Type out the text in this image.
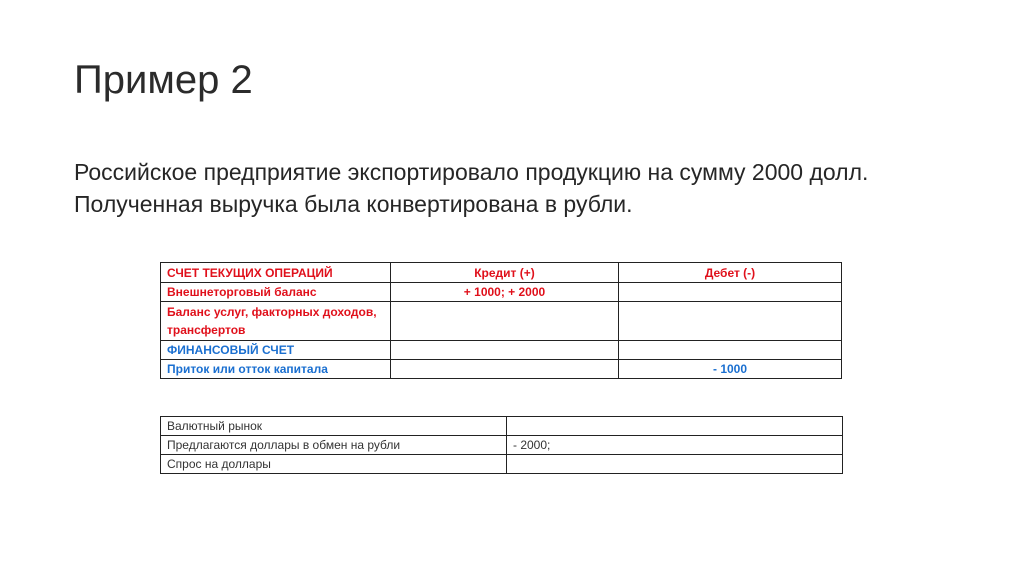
Пример 2
Российское предприятие экспортировало продукцию на сумму 2000 долл. Полученная выручка была конвертирована в рубли.
СЧЕТ ТЕКУЩИХ ОПЕРАЦИЙ	Кредит (+)	Дебет (-)
Внешнеторговый баланс	+ 1000; + 2000	
Баланс услуг, факторных доходов, трансфертов		
ФИНАНСОВЫЙ СЧЕТ		
Приток или отток капитала		- 1000
Валютный рынок	
Предлагаются доллары в обмен на рубли	- 2000;
Спрос на доллары	
